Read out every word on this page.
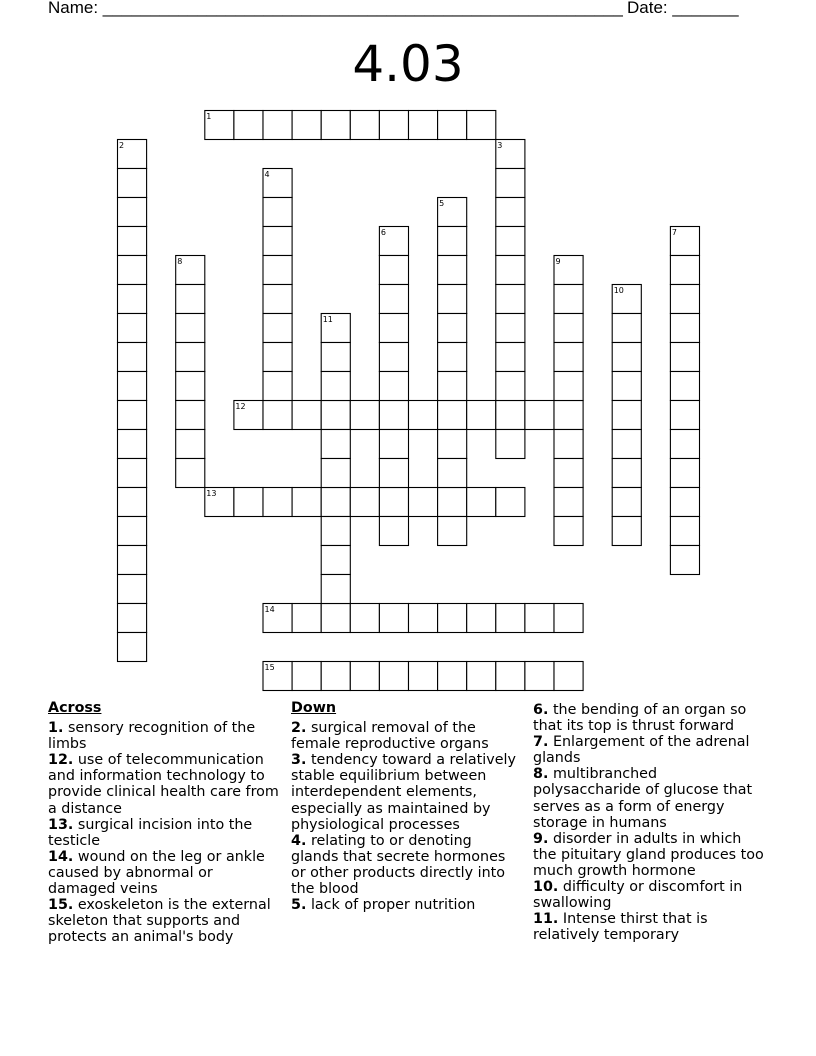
Name: _______________________________________________________ Date: _______
4.03
1
12
13
14
15
2	3
4
5
6	7
8	9
10
11
Across
1. sensory recognition of the limbs
12. use of telecommunication and information technology to provide clinical health care from a distance
13. surgical incision into the testicle
14. wound on the leg or ankle caused by abnormal or damaged veins
15. exoskeleton is the external skeleton that supports and protects an animal's body
Down
2. surgical removal of the female reproductive organs
3. tendency toward a relatively stable equilibrium between interdependent elements, especially as maintained by physiological processes
4. relating to or denoting glands that secrete hormones or other products directly into the blood
5. lack of proper nutrition
6. the bending of an organ so that its top is thrust forward
7. Enlargement of the adrenal glands
8. multibranched polysaccharide of glucose that serves as a form of energy storage in humans
9. disorder in adults in which the pituitary gland produces too much growth hormone
10. difficulty or discomfort in swallowing
11. Intense thirst that is relatively temporary
